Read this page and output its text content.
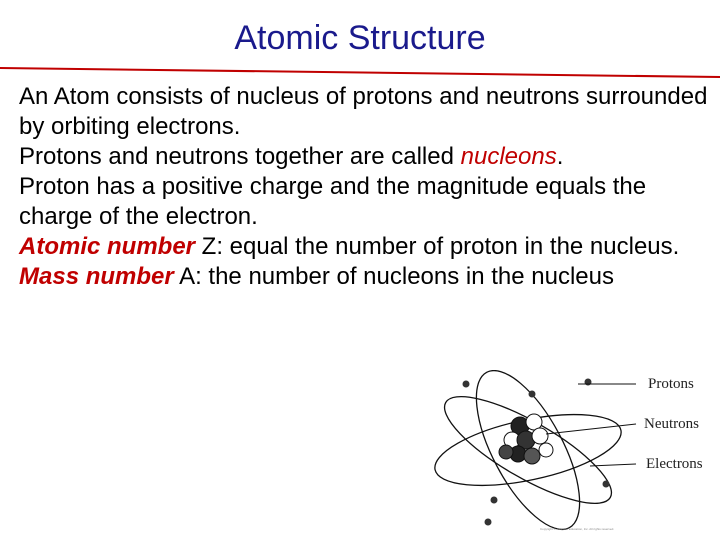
Atomic Structure

An Atom consists of nucleus of protons and neutrons surrounded by orbiting electrons.

Protons and neutrons together are called nucleons.

Proton has a positive charge and the magnitude equals the charge of the electron.

Atomic number Z: equal the number of proton in the nucleus.

Mass number A: the number of nucleons in the nucleus

Protons
Neutrons
Electrons
Copyright © Pearson Education, Inc. All rights reserved.
